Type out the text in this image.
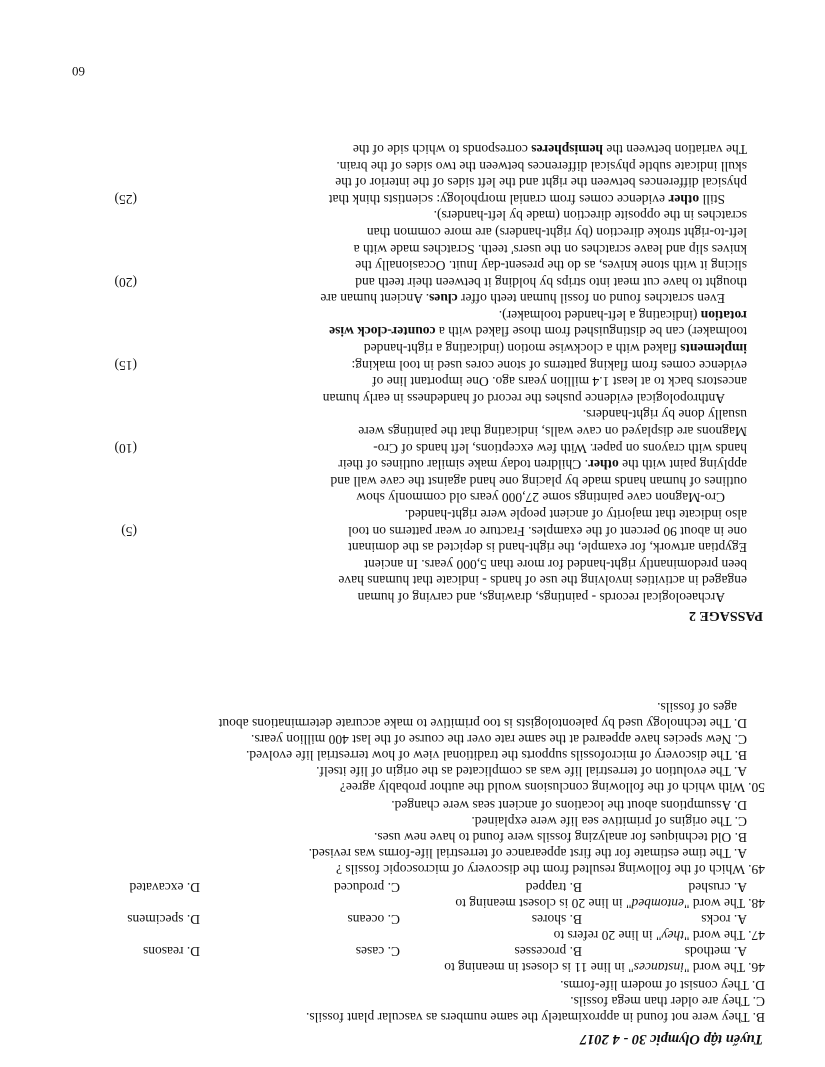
Tuyển tập Olympic 30 - 4 2017
B. They were not found in approximately the same numbers as vascular plant fossils.
C. They are older than mega fossils.
D. They consist of modern life-forms.
46. The word "instances" in line 11 is closest in meaning to
A. methods
B. processes
C. cases
D. reasons
47. The word "they" in line 20 refers to
A. rocks
B. shores
C. oceans
D. specimens
48. The word "entombed" in line 20 is closest meaning to
A. crushed
B. trapped
C. produced
D. excavated
49. Which of the following resulted from the discovery of microscopic fossils ?
A. The time estimate for the first appearance of terrestrial life-forms was revised.
B. Old techniques for analyzing fossils were found to have new uses.
C. The origins of primitive sea life were explained.
D. Assumptions about the locations of ancient seas were changed.
50. With which of the following conclusions would the author probably agree?
A. The evolution of terrestrial life was as complicated as the origin of life itself.
B. The discovery of microfossils supports the traditional view of how terrestrial life evolved.
C. New species have appeared at the same rate over the course of the last 400 million years.
D. The technology used by paleontologists is too primitive to make accurate determinations about
ages of fossils.
PASSAGE 2
Archaeological records - paintings, drawings, and carving of human
engaged in activities involving the use of hands - indicate that humans have
been predominantly right-handed for more than 5,000 years. In ancient
Egyptian artwork, for example, the right-hand is depicted as the dominant
one in about 90 percent of the examples. Fracture or wear patterns on tool
(5)
also indicate that majority of ancient people were right-handed.
Cro-Magnon cave paintings some 27,000 years old commonly show
outlines of human hands made by placing one hand against the cave wall and
applying paint with the other. Children today make similar outlines of their
hands with crayons on paper. With few exceptions, left hands of Cro-
(10)
Magnons are displayed on cave walls, indicating that the paintings were
usually done by right-handers.
Anthropological evidence pushes the record of handedness in early human
ancestors back to at least 1.4 million years ago. One important line of
evidence comes from flaking patterns of stone cores used in tool making:
(15)
implements flaked with a clockwise motion (indicating a right-handed
toolmaker) can be distinguished from those flaked with a counter-clock wise
rotation (indicating a left-handed toolmaker).
Even scratches found on fossil human teeth offer clues. Ancient human are
thought to have cut meat into strips by holding it between their teeth and
(20)
slicing it with stone knives, as do the present-day Inuit. Occasionally the
knives slip and leave scratches on the users' teeth. Scratches made with a
left-to-right stroke direction (by right-handers) are more common than
scratches in the opposite direction (made by left-handers).
Still other evidence comes from cranial morphology: scientists think that
(25)
physical differences between the right and the left sides of the interior of the
skull indicate subtle physical differences between the two sides of the brain.
The variation between the hemispheres corresponds to which side of the
60
